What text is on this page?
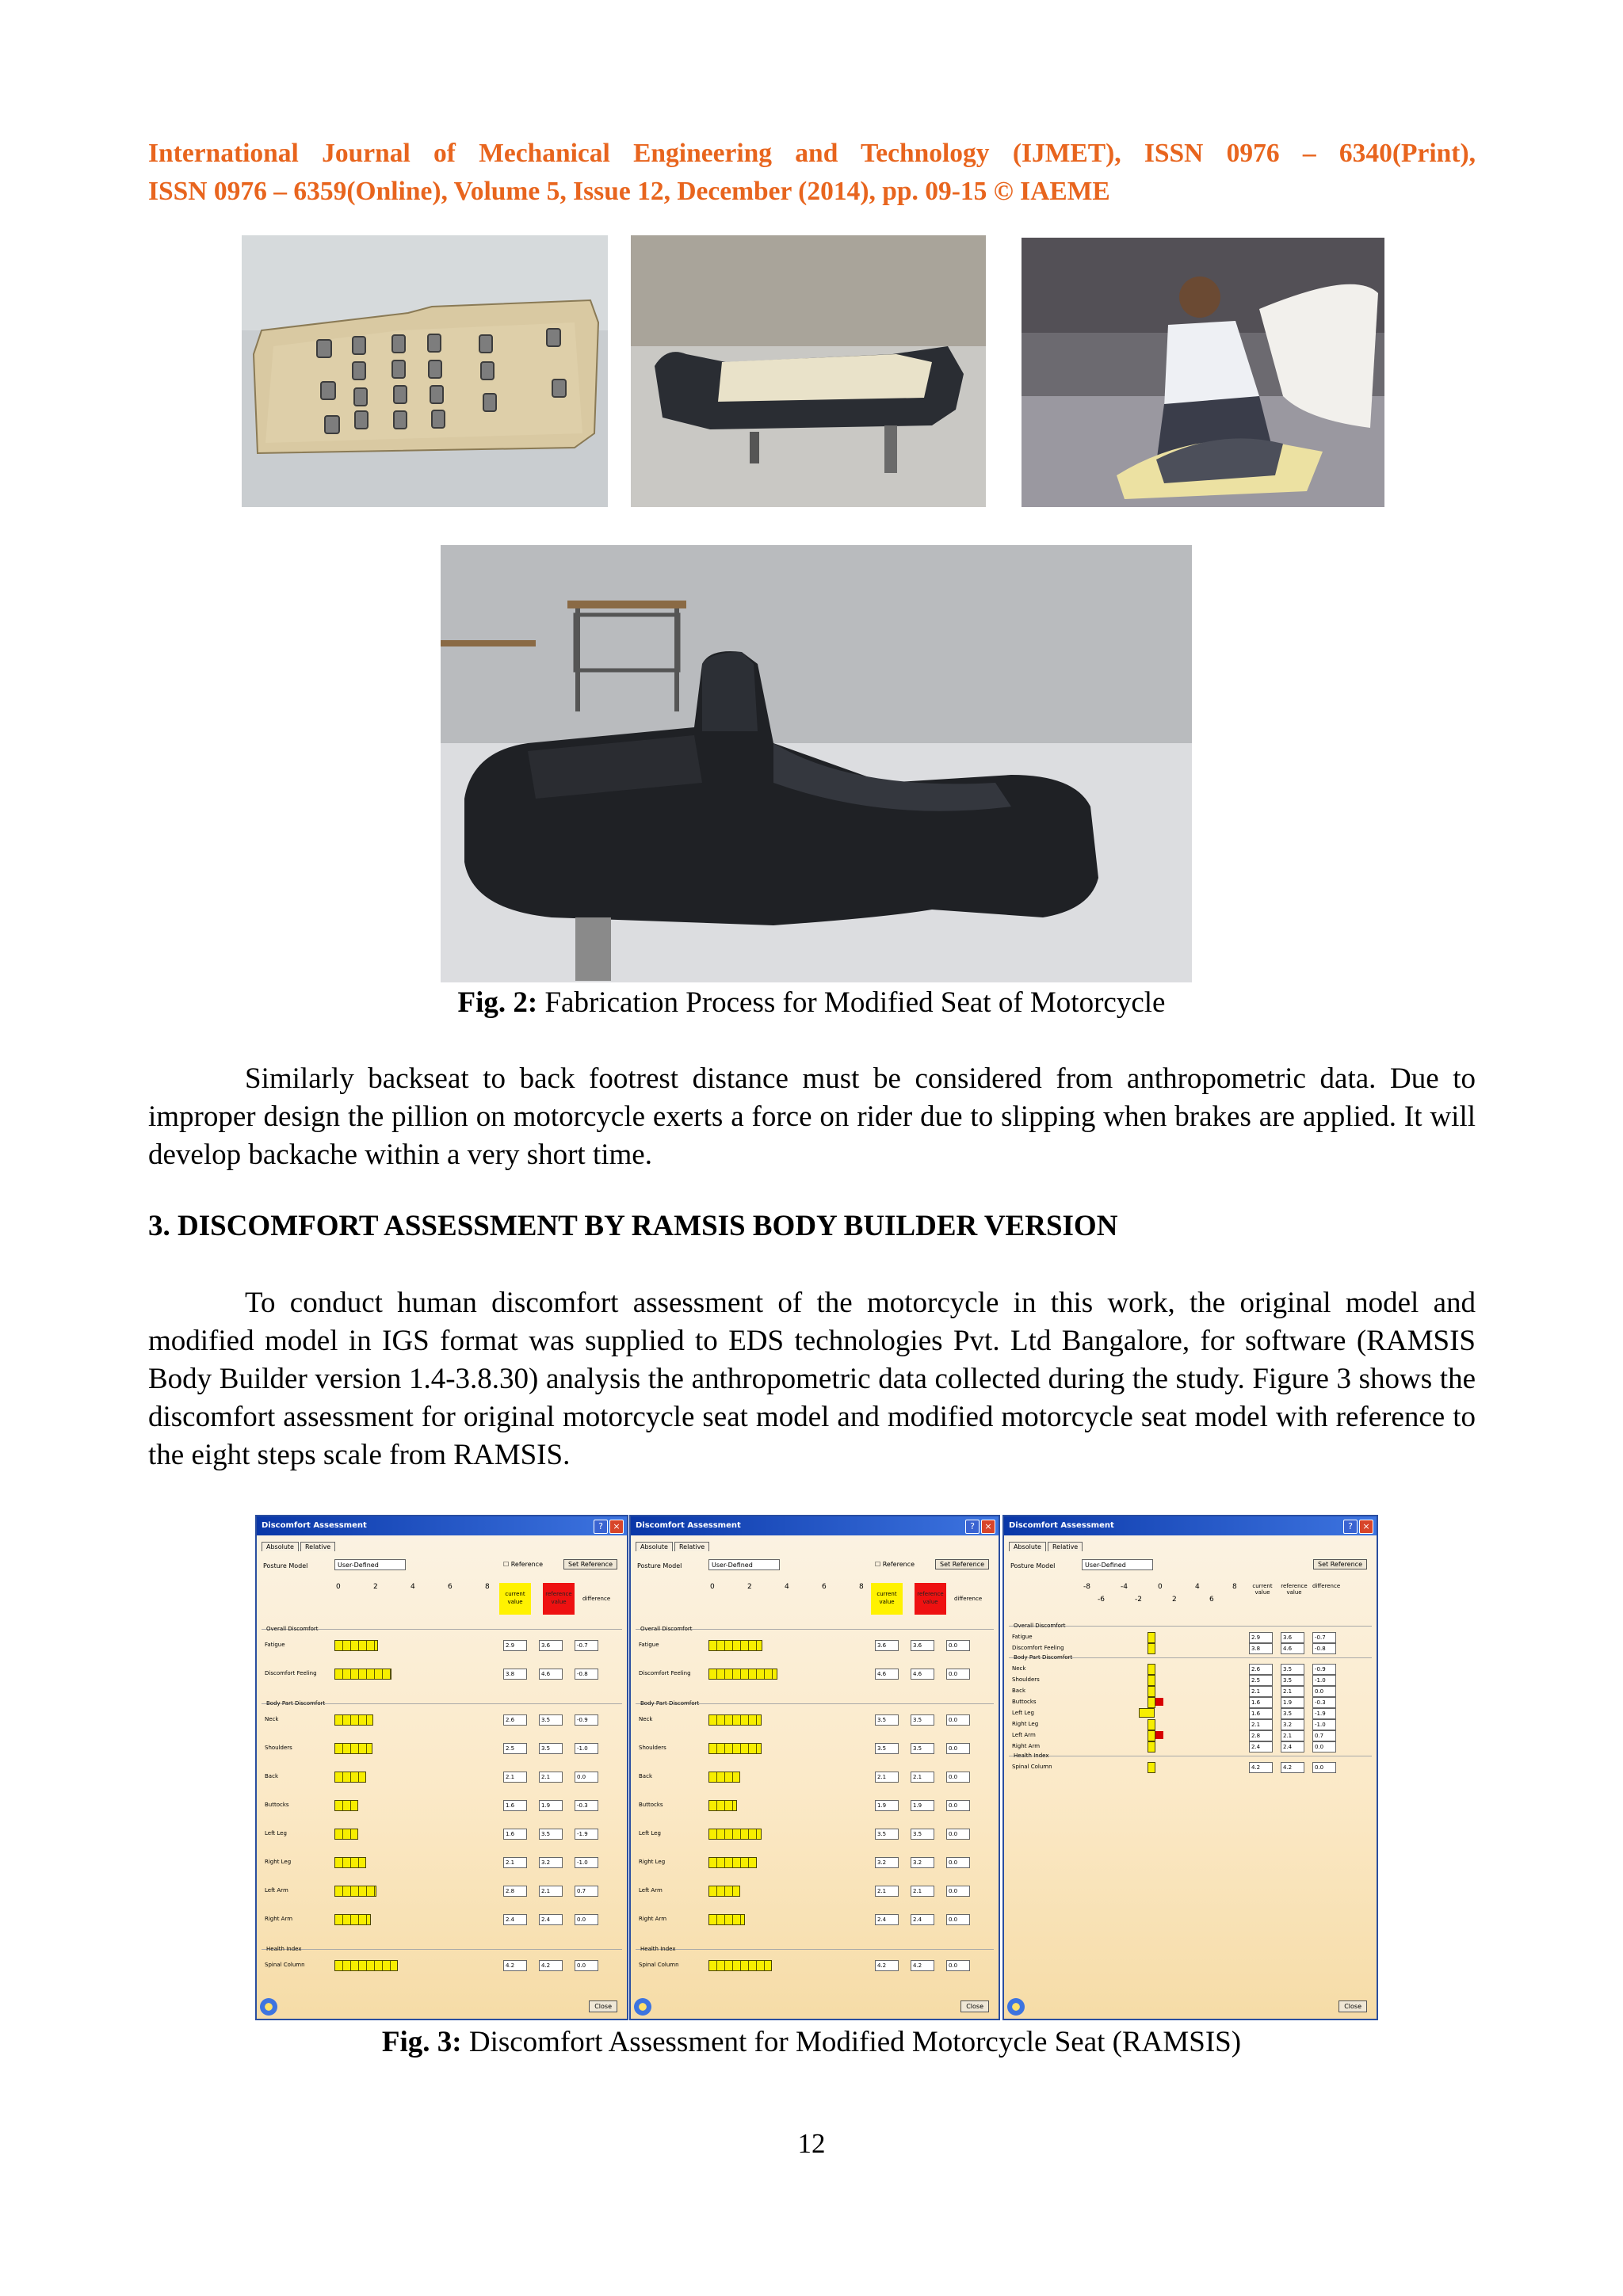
International Journal of Mechanical Engineering and Technology (IJMET), ISSN 0976 – 6340(Print),
ISSN 0976 – 6359(Online), Volume 5, Issue 12, December (2014), pp. 09-15 © IAEME
Fig. 2: Fabrication Process for Modified Seat of Motorcycle

Similarly backseat to back footrest distance must be considered from anthropometric data. Due to improper design the pillion on motorcycle exerts a force on rider due to slipping when brakes are applied. It will develop backache within a very short time.

3. DISCOMFORT ASSESSMENT BY RAMSIS BODY BUILDER VERSION

To conduct human discomfort assessment of the motorcycle in this work, the original model and modified model in IGS format was supplied to EDS technologies Pvt. Ltd Bangalore, for software (RAMSIS Body Builder version 1.4-3.8.30) analysis the anthropometric data collected during the study. Figure 3 shows the discomfort assessment for original motorcycle seat model and modified motorcycle seat model with reference to the eight steps scale from RAMSIS.

Discomfort Assessment	?	×
Absolute Relative
Posture Model	User-Defined	☐ Reference	Set Reference
0	2	4	6	8
current value
reference value	difference
Overall Discomfort
Fatigue	2.9	3.6	-0.7
Discomfort Feeling	3.8	4.6	-0.8
Body Part Discomfort
Neck	2.6	3.5	-0.9
Shoulders	2.5	3.5	-1.0
Back	2.1	2.1	0.0
Buttocks	1.6	1.9	-0.3
Left Leg	1.6	3.5	-1.9
Right Leg	2.1	3.2	-1.0
Left Arm	2.8	2.1	0.7
Right Arm	2.4	2.4	0.0
Health Index
Spinal Column	4.2	4.2	0.0
Close
Discomfort Assessment	?	×
Absolute Relative
Posture Model	User-Defined	☐ Reference	Set Reference
0	2	4	6	8
current value
reference value	difference
Overall Discomfort
Fatigue	3.6	3.6	0.0
Discomfort Feeling	4.6	4.6	0.0
Body Part Discomfort
Neck	3.5	3.5	0.0
Shoulders	3.5	3.5	0.0
Back	2.1	2.1	0.0
Buttocks	1.9	1.9	0.0
Left Leg	3.5	3.5	0.0
Right Leg	3.2	3.2	0.0
Left Arm	2.1	2.1	0.0
Right Arm	2.4	2.4	0.0
Health Index
Spinal Column	4.2	4.2	0.0
Close
Discomfort Assessment	?	×
Absolute Relative
Posture Model	User-Defined	Set Reference
-8	-4	0	4	8
-6	-2	2	6
current value
reference value
difference
Overall Discomfort
Fatigue	2.9	3.6	-0.7
Discomfort Feeling	3.8	4.6	-0.8
Body Part Discomfort
Neck	2.6	3.5	-0.9
Shoulders	2.5	3.5	-1.0
Back	2.1	2.1	0.0
Buttocks	1.6	1.9	-0.3
Left Leg	1.6	3.5	-1.9
Right Leg	2.1	3.2	-1.0
Left Arm	2.8	2.1	0.7
Right Arm	2.4	2.4	0.0
Health Index
Spinal Column	4.2	4.2	0.0
Close
Fig. 3: Discomfort Assessment for Modified Motorcycle Seat (RAMSIS)
12
